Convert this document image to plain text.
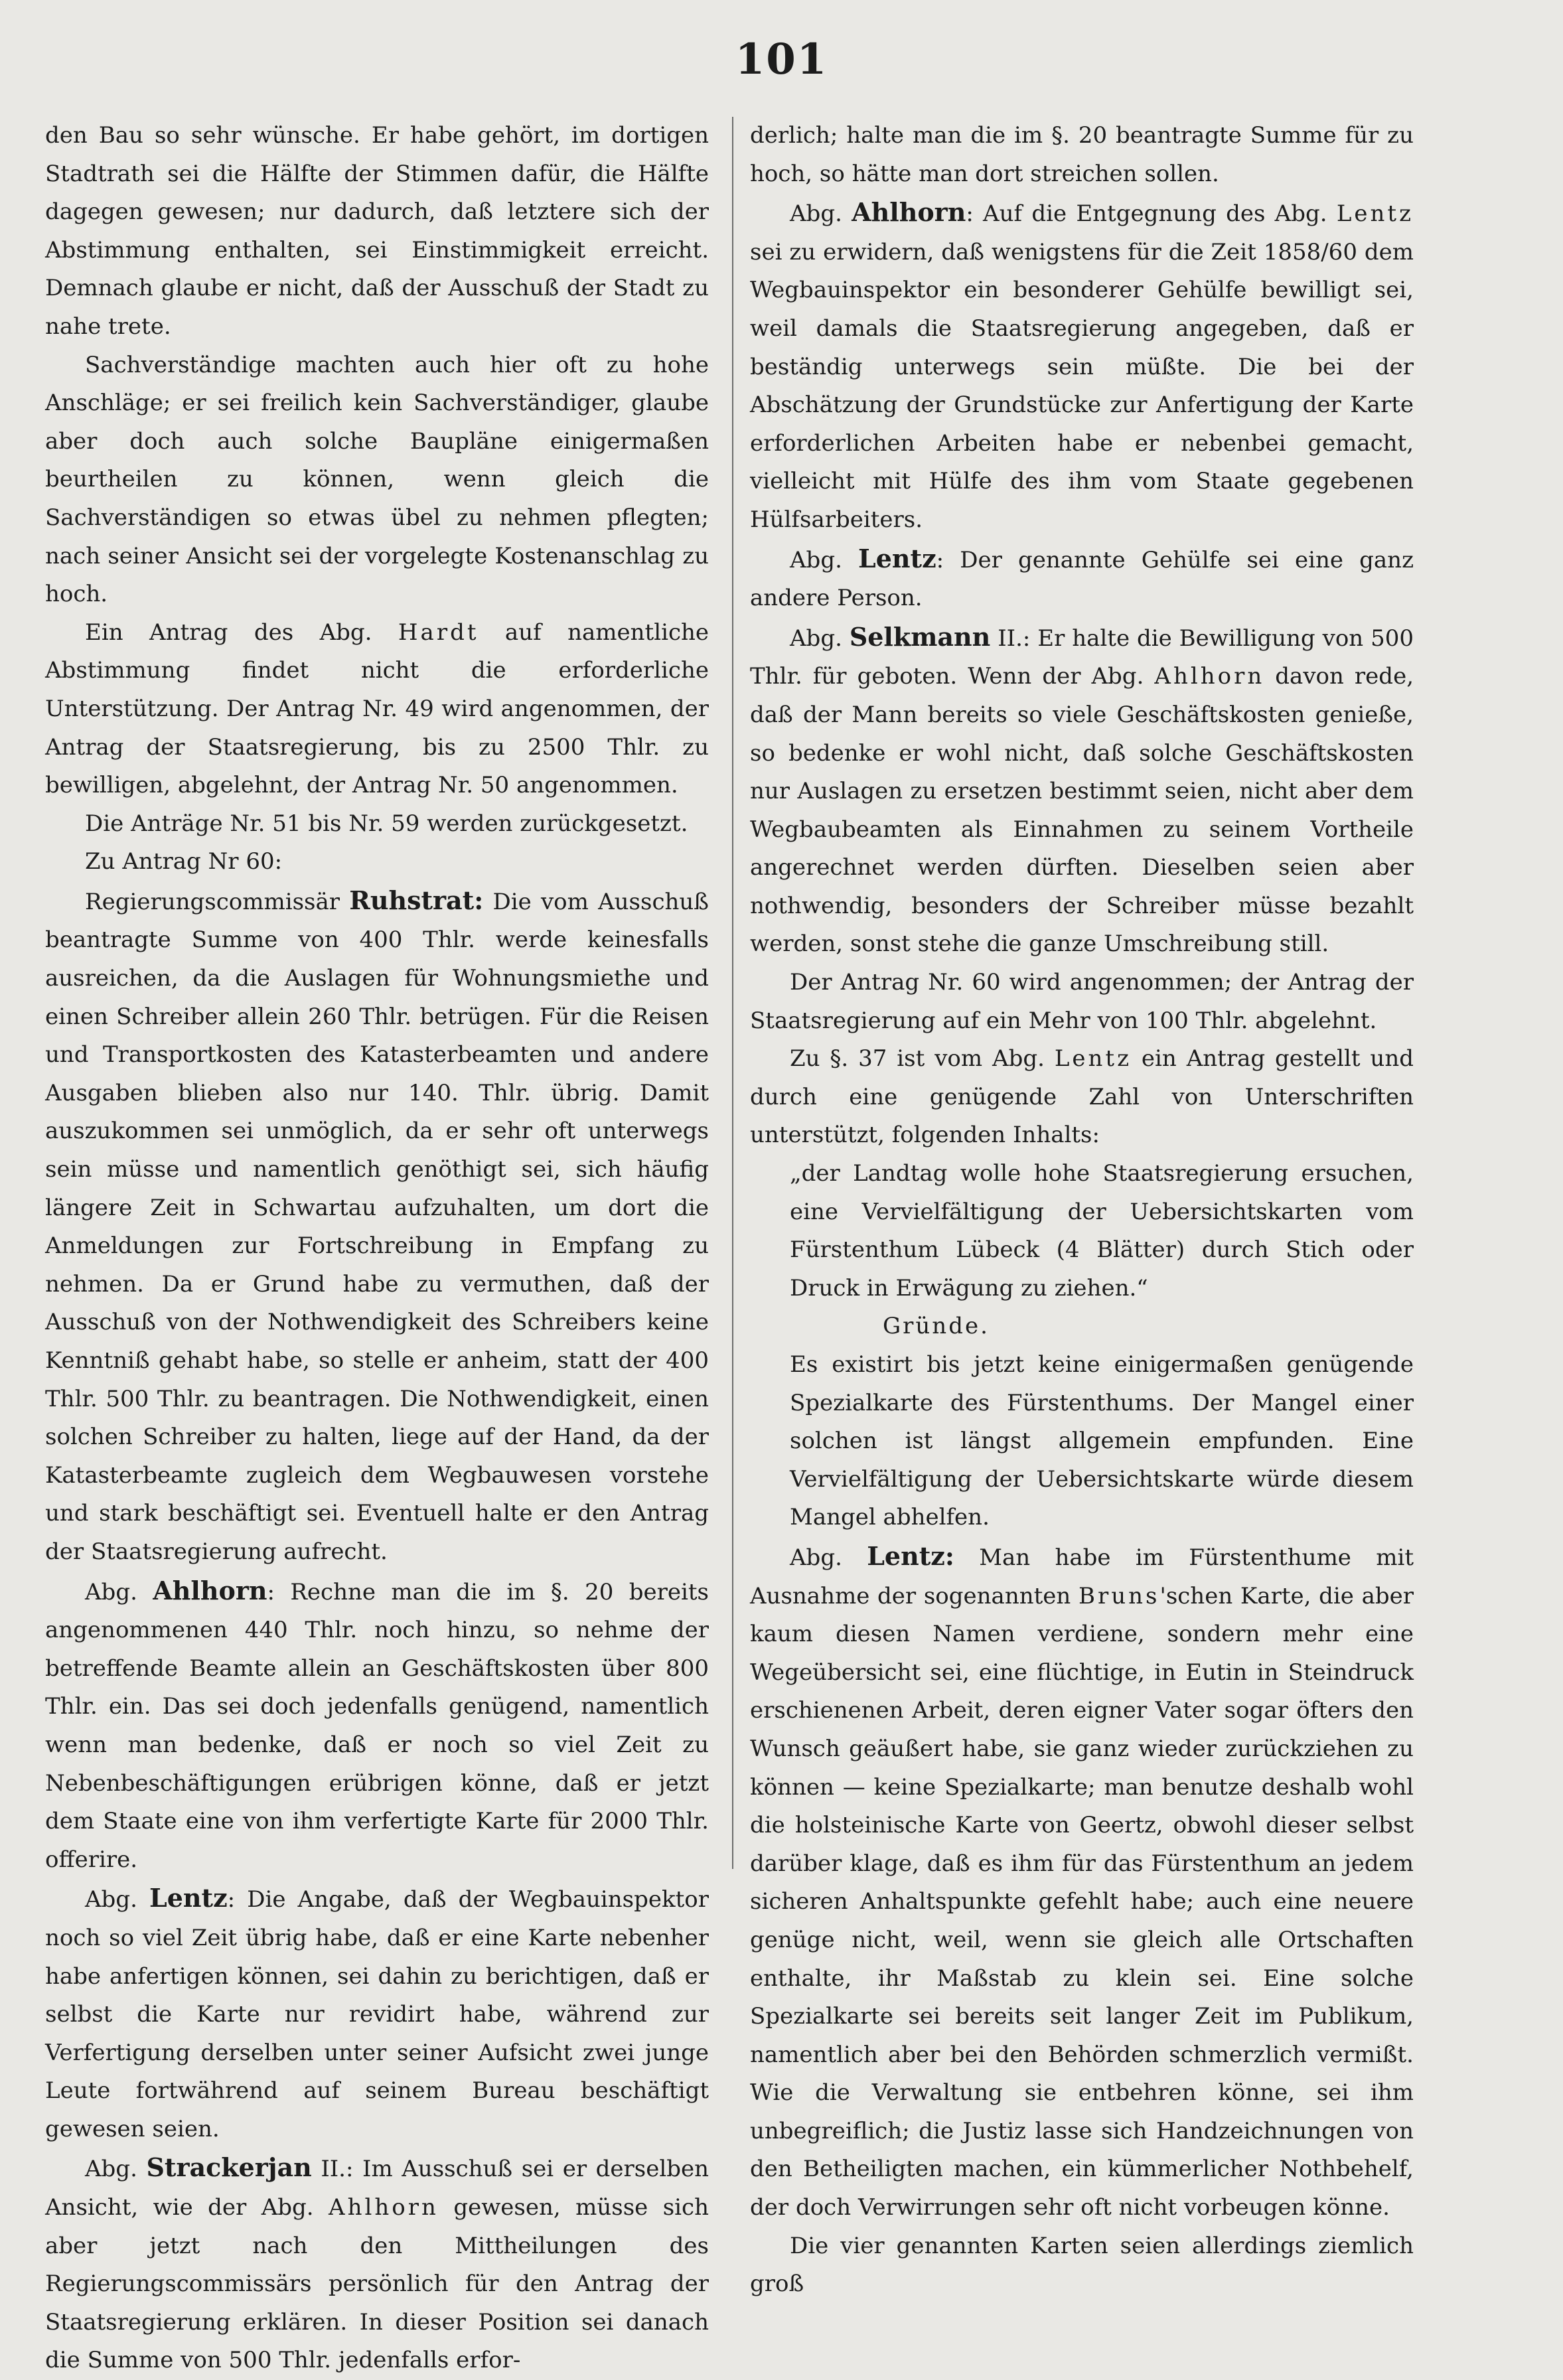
101

den Bau so sehr wünsche. Er habe gehört, im dortigen Stadtrath sei die Hälfte der Stimmen dafür, die Hälfte dagegen gewesen; nur dadurch, daß letztere sich der Abstimmung enthalten, sei Einstimmigkeit erreicht. Demnach glaube er nicht, daß der Ausschuß der Stadt zu nahe trete.

Sachverständige machten auch hier oft zu hohe Anschläge; er sei freilich kein Sachverständiger, glaube aber doch auch solche Baupläne einigermaßen beurtheilen zu können, wenn gleich die Sachverständigen so etwas übel zu nehmen pflegten; nach seiner Ansicht sei der vorgelegte Kostenanschlag zu hoch.

Ein Antrag des Abg. Hardt auf namentliche Abstimmung findet nicht die erforderliche Unterstützung. Der Antrag Nr. 49 wird angenommen, der Antrag der Staatsregierung, bis zu 2500 Thlr. zu bewilligen, abgelehnt, der Antrag Nr. 50 angenommen.

Die Anträge Nr. 51 bis Nr. 59 werden zurückgesetzt.

Zu Antrag Nr 60:

Regierungscommissär Ruhstrat: Die vom Ausschuß beantragte Summe von 400 Thlr. werde keinesfalls ausreichen, da die Auslagen für Wohnungsmiethe und einen Schreiber allein 260 Thlr. betrügen. Für die Reisen und Transportkosten des Katasterbeamten und andere Ausgaben blieben also nur 140. Thlr. übrig. Damit auszukommen sei unmöglich, da er sehr oft unterwegs sein müsse und namentlich genöthigt sei, sich häufig längere Zeit in Schwartau aufzuhalten, um dort die Anmeldungen zur Fortschreibung in Empfang zu nehmen. Da er Grund habe zu vermuthen, daß der Ausschuß von der Nothwendigkeit des Schreibers keine Kenntniß gehabt habe, so stelle er anheim, statt der 400 Thlr. 500 Thlr. zu beantragen. Die Nothwendigkeit, einen solchen Schreiber zu halten, liege auf der Hand, da der Katasterbeamte zugleich dem Wegbauwesen vorstehe und stark beschäftigt sei. Eventuell halte er den Antrag der Staatsregierung aufrecht.

Abg. Ahlhorn: Rechne man die im §. 20 bereits angenommenen 440 Thlr. noch hinzu, so nehme der betreffende Beamte allein an Geschäftskosten über 800 Thlr. ein. Das sei doch jedenfalls genügend, namentlich wenn man bedenke, daß er noch so viel Zeit zu Nebenbeschäftigungen erübrigen könne, daß er jetzt dem Staate eine von ihm verfertigte Karte für 2000 Thlr. offerire.

Abg. Lentz: Die Angabe, daß der Wegbauinspektor noch so viel Zeit übrig habe, daß er eine Karte nebenher habe anfertigen können, sei dahin zu berichtigen, daß er selbst die Karte nur revidirt habe, während zur Verfertigung derselben unter seiner Aufsicht zwei junge Leute fortwährend auf seinem Bureau beschäftigt gewesen seien.

Abg. Strackerjan II.: Im Ausschuß sei er derselben Ansicht, wie der Abg. Ahlhorn gewesen, müsse sich aber jetzt nach den Mittheilungen des Regierungscommissärs persönlich für den Antrag der Staatsregierung erklären. In dieser Position sei danach die Summe von 500 Thlr. jedenfalls erfor-

derlich; halte man die im §. 20 beantragte Summe für zu hoch, so hätte man dort streichen sollen.

Abg. Ahlhorn: Auf die Entgegnung des Abg. Lentz sei zu erwidern, daß wenigstens für die Zeit 1858/60 dem Wegbauinspektor ein besonderer Gehülfe bewilligt sei, weil damals die Staatsregierung angegeben, daß er beständig unterwegs sein müßte. Die bei der Abschätzung der Grundstücke zur Anfertigung der Karte erforderlichen Arbeiten habe er nebenbei gemacht, vielleicht mit Hülfe des ihm vom Staate gegebenen Hülfsarbeiters.

Abg. Lentz: Der genannte Gehülfe sei eine ganz andere Person.

Abg. Selkmann II.: Er halte die Bewilligung von 500 Thlr. für geboten. Wenn der Abg. Ahlhorn davon rede, daß der Mann bereits so viele Geschäftskosten genieße, so bedenke er wohl nicht, daß solche Geschäftskosten nur Auslagen zu ersetzen bestimmt seien, nicht aber dem Wegbaubeamten als Einnahmen zu seinem Vortheile angerechnet werden dürften. Dieselben seien aber nothwendig, besonders der Schreiber müsse bezahlt werden, sonst stehe die ganze Umschreibung still.

Der Antrag Nr. 60 wird angenommen; der Antrag der Staatsregierung auf ein Mehr von 100 Thlr. abgelehnt.

Zu §. 37 ist vom Abg. Lentz ein Antrag gestellt und durch eine genügende Zahl von Unterschriften unterstützt, folgenden Inhalts:

„der Landtag wolle hohe Staatsregierung ersuchen, eine Vervielfältigung der Uebersichtskarten vom Fürstenthum Lübeck (4 Blätter) durch Stich oder Druck in Erwägung zu ziehen.“

Gründe.

Es existirt bis jetzt keine einigermaßen genügende Spezialkarte des Fürstenthums. Der Mangel einer solchen ist längst allgemein empfunden. Eine Vervielfältigung der Uebersichtskarte würde diesem Mangel abhelfen.

Abg. Lentz: Man habe im Fürstenthume mit Ausnahme der sogenannten Bruns'schen Karte, die aber kaum diesen Namen verdiene, sondern mehr eine Wegeübersicht sei, eine flüchtige, in Eutin in Steindruck erschienenen Arbeit, deren eigner Vater sogar öfters den Wunsch geäußert habe, sie ganz wieder zurückziehen zu können — keine Spezialkarte; man benutze deshalb wohl die holsteinische Karte von Geertz, obwohl dieser selbst darüber klage, daß es ihm für das Fürstenthum an jedem sicheren Anhaltspunkte gefehlt habe; auch eine neuere genüge nicht, weil, wenn sie gleich alle Ortschaften enthalte, ihr Maßstab zu klein sei. Eine solche Spezialkarte sei bereits seit langer Zeit im Publikum, namentlich aber bei den Behörden schmerzlich vermißt. Wie die Verwaltung sie entbehren könne, sei ihm unbegreiflich; die Justiz lasse sich Handzeichnungen von den Betheiligten machen, ein kümmerlicher Nothbehelf, der doch Verwirrungen sehr oft nicht vorbeugen könne.

Die vier genannten Karten seien allerdings ziemlich groß
